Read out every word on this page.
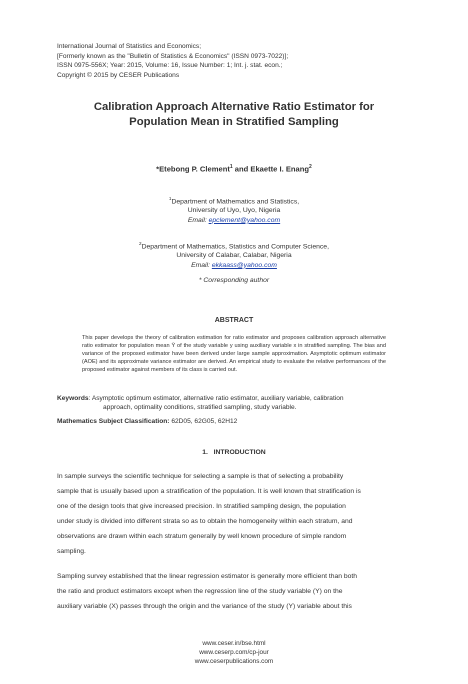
International Journal of Statistics and Economics;
[Formerly known as the "Bulletin of Statistics & Economics" (ISSN 0973-7022)];
ISSN 0975-556X; Year: 2015, Volume: 16, Issue Number: 1; Int. j. stat. econ.;
Copyright © 2015 by CESER Publications
Calibration Approach Alternative Ratio Estimator for
Population Mean in Stratified Sampling
*Etebong P. Clement$^1$ and Ekaette I. Enang$^2$
$^1$Department of Mathematics and Statistics,
University of Uyo, Uyo, Nigeria
Email: epclement@yahoo.com
$^2$Department of Mathematics, Statistics and Computer Science,
University of Calabar, Calabar, Nigeria
Email: ekkaass@yahoo.com
* Corresponding author
ABSTRACT
This paper develops the theory of calibration estimation for ratio estimator and proposes calibration approach alternative ratio estimator for population mean Ȳ of the study variable y using auxiliary variable x in stratified sampling. The bias and variance of the proposed estimator have been derived under large sample approximation. Asymptotic optimum estimator (AOE) and its approximate variance estimator are derived. An empirical study to evaluate the relative performances of the proposed estimator against members of its class is carried out.
Keywords: Asymptotic optimum estimator, alternative ratio estimator, auxiliary variable, calibration
approach, optimality conditions, stratified sampling, study variable.
Mathematics Subject Classification: 62D05, 62G05, 62H12
1.   INTRODUCTION
In sample surveys the scientific technique for selecting a sample is that of selecting a probability
sample that is usually based upon a stratification of the population. It is well known that stratification is
one of the design tools that give increased precision. In stratified sampling design, the population
under study is divided into different strata so as to obtain the homogeneity within each stratum, and
observations are drawn within each stratum generally by well known procedure of simple random
sampling.
Sampling survey established that the linear regression estimator is generally more efficient than both
the ratio and product estimators except when the regression line of the study variable (Y) on the
auxiliary variable (X) passes through the origin and the variance of the study (Y) variable about this
www.ceser.in/bse.html
www.ceserp.com/cp-jour
www.ceserpublications.com
